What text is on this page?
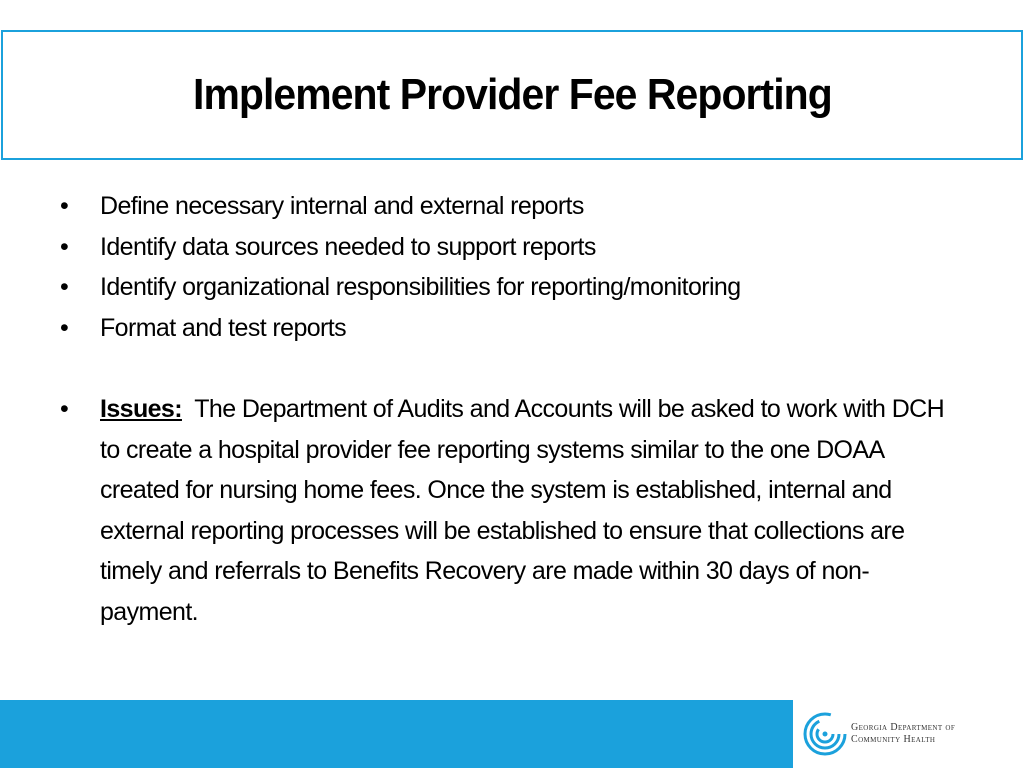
Implement Provider Fee Reporting
•	Define necessary internal and external reports
•	Identify data sources needed to support reports
•	Identify organizational responsibilities for reporting/monitoring
•	Format and test reports
•	Issues: The Department of Audits and Accounts will be asked to work with DCH to create a hospital provider fee reporting systems similar to the one DOAA created for nursing home fees. Once the system is established, internal and external reporting processes will be established to ensure that collections are timely and referrals to Benefits Recovery are made within 30 days of non-payment.
Georgia Department of
Community Health
